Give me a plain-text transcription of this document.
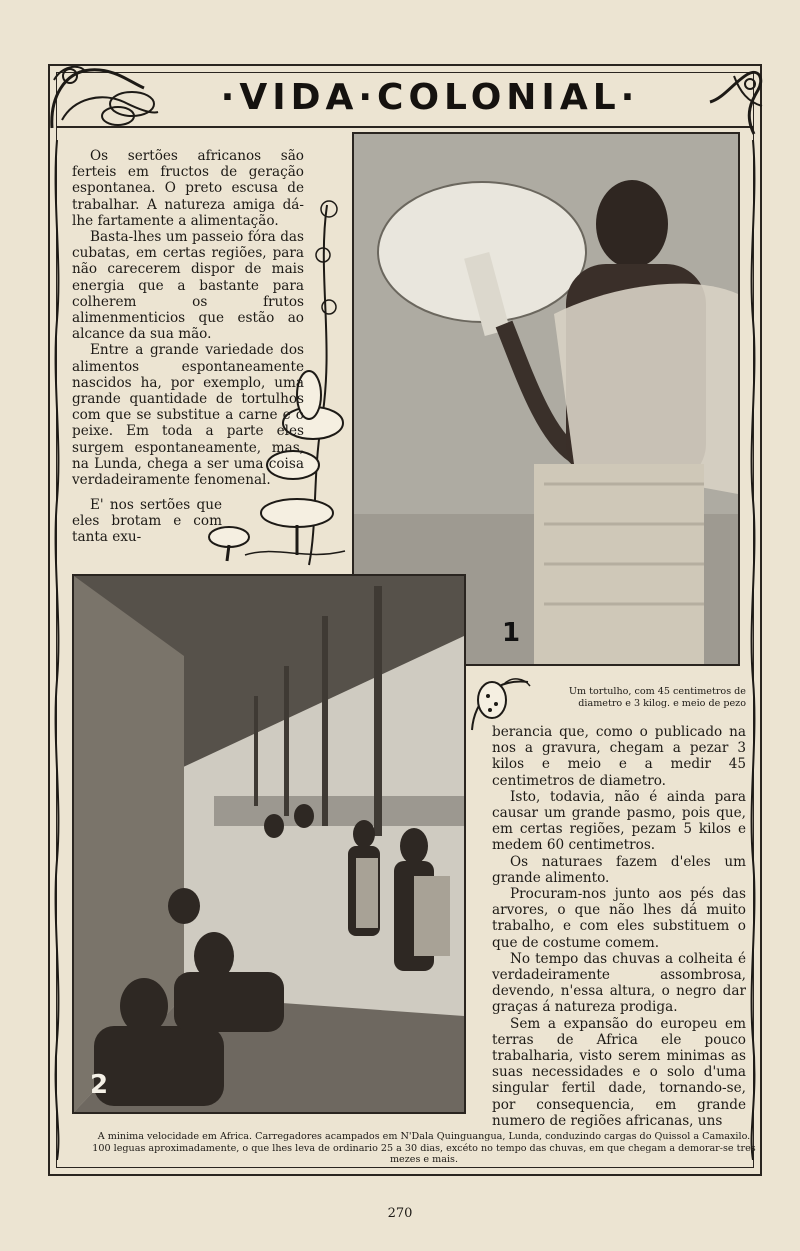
·VIDA·COLONIAL·

Os sertões africanos são ferteis em fructos de geração espontanea. O preto escusa de trabalhar. A natureza amiga dá-lhe fartamente a alimentação.

Basta-lhes um passeio fóra das cubatas, em certas regiões, para não carecerem dispor de mais energia que a bastante para colherem os frutos alimenmenticios que estão ao alcance da sua mão.

Entre a grande variedade dos alimentos espontaneamente nascidos ha, por exemplo, uma grande quantidade de tortulhos com que se substitue a carne e o peixe. Em toda a parte eles surgem espontaneamente, mas, na Lunda, chega a ser uma coisa verdadeiramente fenomenal.

E' nos sertões que eles brotam e com tanta exu-

1
Um tortulho, com 45 centimetros de diametro e 3 kilog. e meio de pezo
2

berancia que, como o publicado na nos a gravura, chegam a pezar 3 kilos e meio e a medir 45 centimetros de diametro.

Isto, todavia, não é ainda para causar um grande pasmo, pois que, em certas regiões, pezam 5 kilos e medem 60 centimetros.

Os naturaes fazem d'eles um grande alimento.

Procuram-nos junto aos pés das arvores, o que não lhes dá muito trabalho, e com eles substituem o que de costume comem.

No tempo das chuvas a colheita é verdadeiramente assombrosa, devendo, n'essa altura, o negro dar graças á natureza prodiga.

Sem a expansão do europeu em terras de Africa ele pouco trabalharia, visto serem minimas as suas necessidades e o solo d'uma singular fertil dade, tornando-se, por consequencia, em grande numero de regiões africanas, uns

A minima velocidade em Africa. Carregadores acampados em N'Dala Quinguangua, Lunda, conduzindo cargas do Quissol a Camaxilo. 100 leguas aproximadamente, o que lhes leva de ordinario 25 a 30 dias, excéto no tempo das chuvas, em que chegam a demorar-se tres mezes e mais.
270
